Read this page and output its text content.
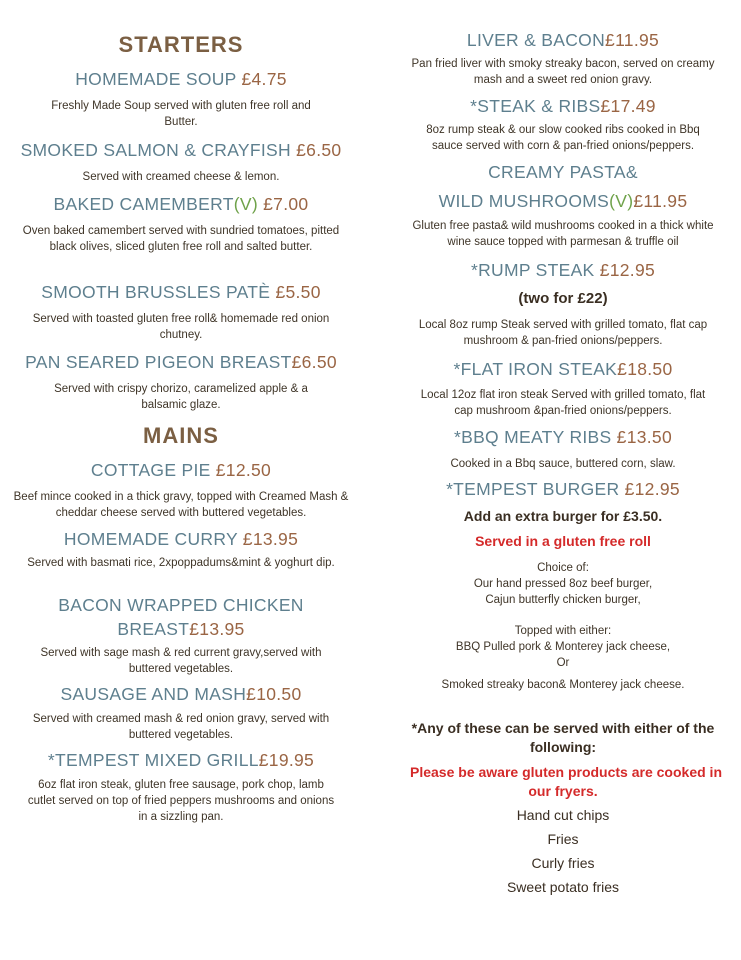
STARTERS
HOMEMADE SOUP £4.75
Freshly Made Soup served with gluten free roll and Butter.
SMOKED SALMON & CRAYFISH £6.50
Served with creamed cheese & lemon.
BAKED CAMEMBERT(V) £7.00
Oven baked camembert served with sundried tomatoes, pitted black olives, sliced gluten free roll and salted butter.
SMOOTH BRUSSLES PATÈ £5.50
Served with toasted gluten free roll& homemade red onion chutney.
PAN SEARED PIGEON BREAST£6.50
Served with crispy chorizo, caramelized apple & a balsamic glaze.
MAINS
COTTAGE PIE £12.50
Beef mince cooked in a thick gravy, topped with Creamed Mash & cheddar cheese served with buttered vegetables.
HOMEMADE CURRY £13.95
Served with basmati rice, 2xpoppadums&mint & yoghurt dip.
BACON WRAPPED CHICKEN
BREAST£13.95
Served with sage mash & red current gravy,served with buttered vegetables.
SAUSAGE AND MASH£10.50
Served with creamed mash & red onion gravy, served with buttered vegetables.
*TEMPEST MIXED GRILL£19.95
6oz flat iron steak, gluten free sausage, pork chop, lamb cutlet served on top of fried peppers mushrooms and onions in a sizzling pan.
LIVER & BACON£11.95
Pan fried liver with smoky streaky bacon, served on creamy mash and a sweet red onion gravy.
*STEAK & RIBS£17.49
8oz rump steak & our slow cooked ribs cooked in Bbq sauce served with corn & pan-fried onions/peppers.
CREAMY PASTA&
WILD MUSHROOMS(V)£11.95
Gluten free pasta& wild mushrooms cooked in a thick white wine sauce topped with parmesan & truffle oil
*RUMP STEAK £12.95
(two for £22)
Local 8oz rump Steak served with grilled tomato, flat cap mushroom & pan-fried onions/peppers.
*FLAT IRON STEAK£18.50
Local 12oz flat iron steak Served with grilled tomato, flat cap mushroom &pan-fried onions/peppers.
*BBQ MEATY RIBS £13.50
Cooked in a Bbq sauce, buttered corn, slaw.
*TEMPEST BURGER £12.95
Add an extra burger for £3.50.
Served in a gluten free roll
Choice of:
Our hand pressed 8oz beef burger,
Cajun butterfly chicken burger,
Topped with either:
BBQ Pulled pork & Monterey jack cheese,
Or
Smoked streaky bacon& Monterey jack cheese.
*Any of these can be served with either of the
following:
Please be aware gluten products are cooked in
our fryers.
Hand cut chips
Fries
Curly fries
Sweet potato fries
